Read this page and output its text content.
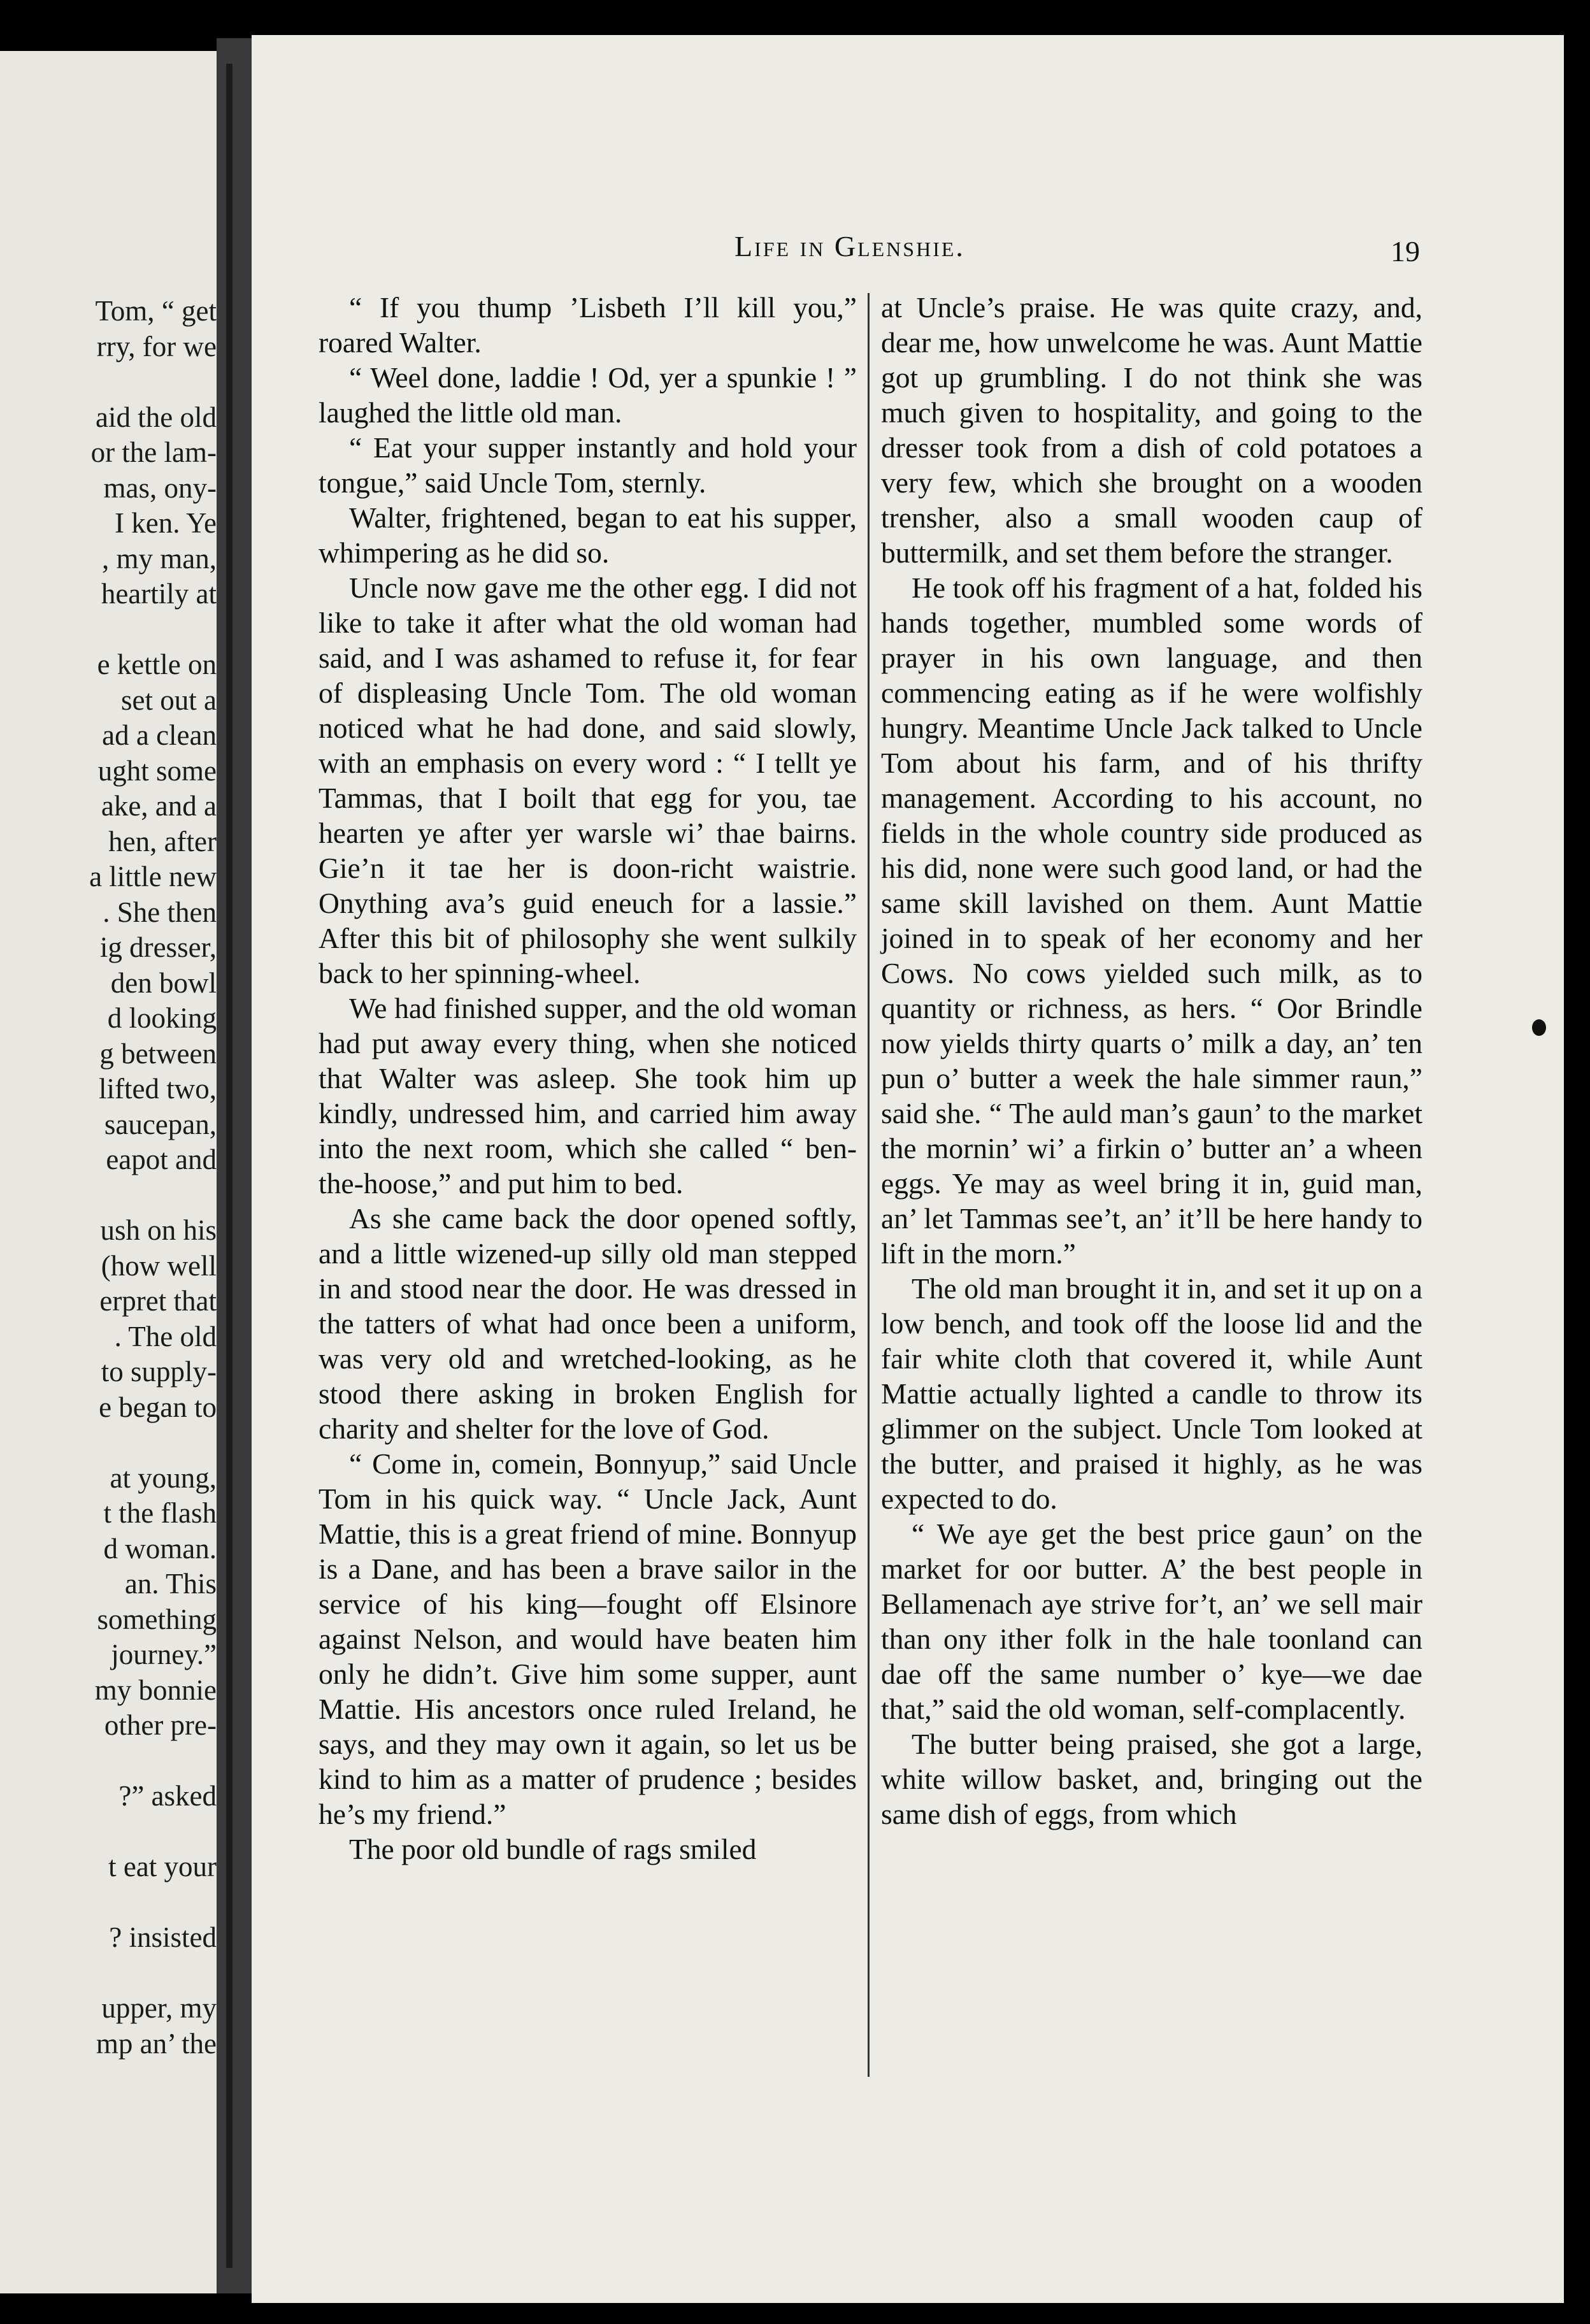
Tom, “ get
rry, for we
aid the old
or the lam-
mas, ony-
I ken. Ye
, my man,
heartily at
e kettle on
set out a
ad a clean
ught some
ake, and a
hen, after
a little new
. She then
ig dresser,
den bowl
d looking
g between
lifted two,
saucepan,
eapot and
ush on his
(how well
erpret that
. The old
to supply-
e began to
at young,
t the flash
d woman.
an. This
something
journey.”
my bonnie
other pre-
?” asked
t eat your
? insisted
upper, my
mp an’ the
Life in Glenshie.	19

“ If you thump ’Lisbeth I’ll kill you,” roared Walter.

“ Weel done, laddie ! Od, yer a spunkie ! ” laughed the little old man.

“ Eat your supper instantly and hold your tongue,” said Uncle Tom, sternly.

Walter, frightened, began to eat his supper, whimpering as he did so.

Uncle now gave me the other egg. I did not like to take it after what the old woman had said, and I was ashamed to refuse it, for fear of displeasing Uncle Tom. The old woman noticed what he had done, and said slowly, with an emphasis on every word : “ I tellt ye Tammas, that I boilt that egg for you, tae hearten ye after yer warsle wi’ thae bairns. Gie’n it tae her is doon-richt waistrie. Onything ava’s guid eneuch for a lassie.” After this bit of philosophy she went sulkily back to her spinning-wheel.

We had finished supper, and the old woman had put away every thing, when she noticed that Walter was asleep. She took him up kindly, undressed him, and carried him away into the next room, which she called “ ben-the-hoose,” and put him to bed.

As she came back the door opened softly, and a little wizened-up silly old man stepped in and stood near the door. He was dressed in the tatters of what had once been a uniform, was very old and wretched-looking, as he stood there asking in broken English for charity and shelter for the love of God.

“ Come in, comein, Bonnyup,” said Uncle Tom in his quick way. “ Uncle Jack, Aunt Mattie, this is a great friend of mine. Bonnyup is a Dane, and has been a brave sailor in the service of his king—fought off Elsinore against Nelson, and would have beaten him only he didn’t. Give him some supper, aunt Mattie. His ancestors once ruled Ireland, he says, and they may own it again, so let us be kind to him as a matter of prudence ; besides he’s my friend.”

The poor old bundle of rags smiled

at Uncle’s praise. He was quite crazy, and, dear me, how unwelcome he was. Aunt Mattie got up grumbling. I do not think she was much given to hospitality, and going to the dresser took from a dish of cold potatoes a very few, which she brought on a wooden trensher, also a small wooden caup of buttermilk, and set them before the stranger.

He took off his fragment of a hat, folded his hands together, mumbled some words of prayer in his own language, and then commencing eating as if he were wolfishly hungry. Meantime Uncle Jack talked to Uncle Tom about his farm, and of his thrifty management. According to his account, no fields in the whole country side produced as his did, none were such good land, or had the same skill lavished on them. Aunt Mattie joined in to speak of her economy and her Cows. No cows yielded such milk, as to quantity or richness, as hers. “ Oor Brindle now yields thirty quarts o’ milk a day, an’ ten pun o’ butter a week the hale simmer raun,” said she. “ The auld man’s gaun’ to the market the mornin’ wi’ a firkin o’ butter an’ a wheen eggs. Ye may as weel bring it in, guid man, an’ let Tammas see’t, an’ it’ll be here handy to lift in the morn.”

The old man brought it in, and set it up on a low bench, and took off the loose lid and the fair white cloth that covered it, while Aunt Mattie actually lighted a candle to throw its glimmer on the subject. Uncle Tom looked at the butter, and praised it highly, as he was expected to do.

“ We aye get the best price gaun’ on the market for oor butter. A’ the best people in Bellamenach aye strive for’t, an’ we sell mair than ony ither folk in the hale toonland can dae off the same number o’ kye—we dae that,” said the old woman, self-complacently.

The butter being praised, she got a large, white willow basket, and, bringing out the same dish of eggs, from which
